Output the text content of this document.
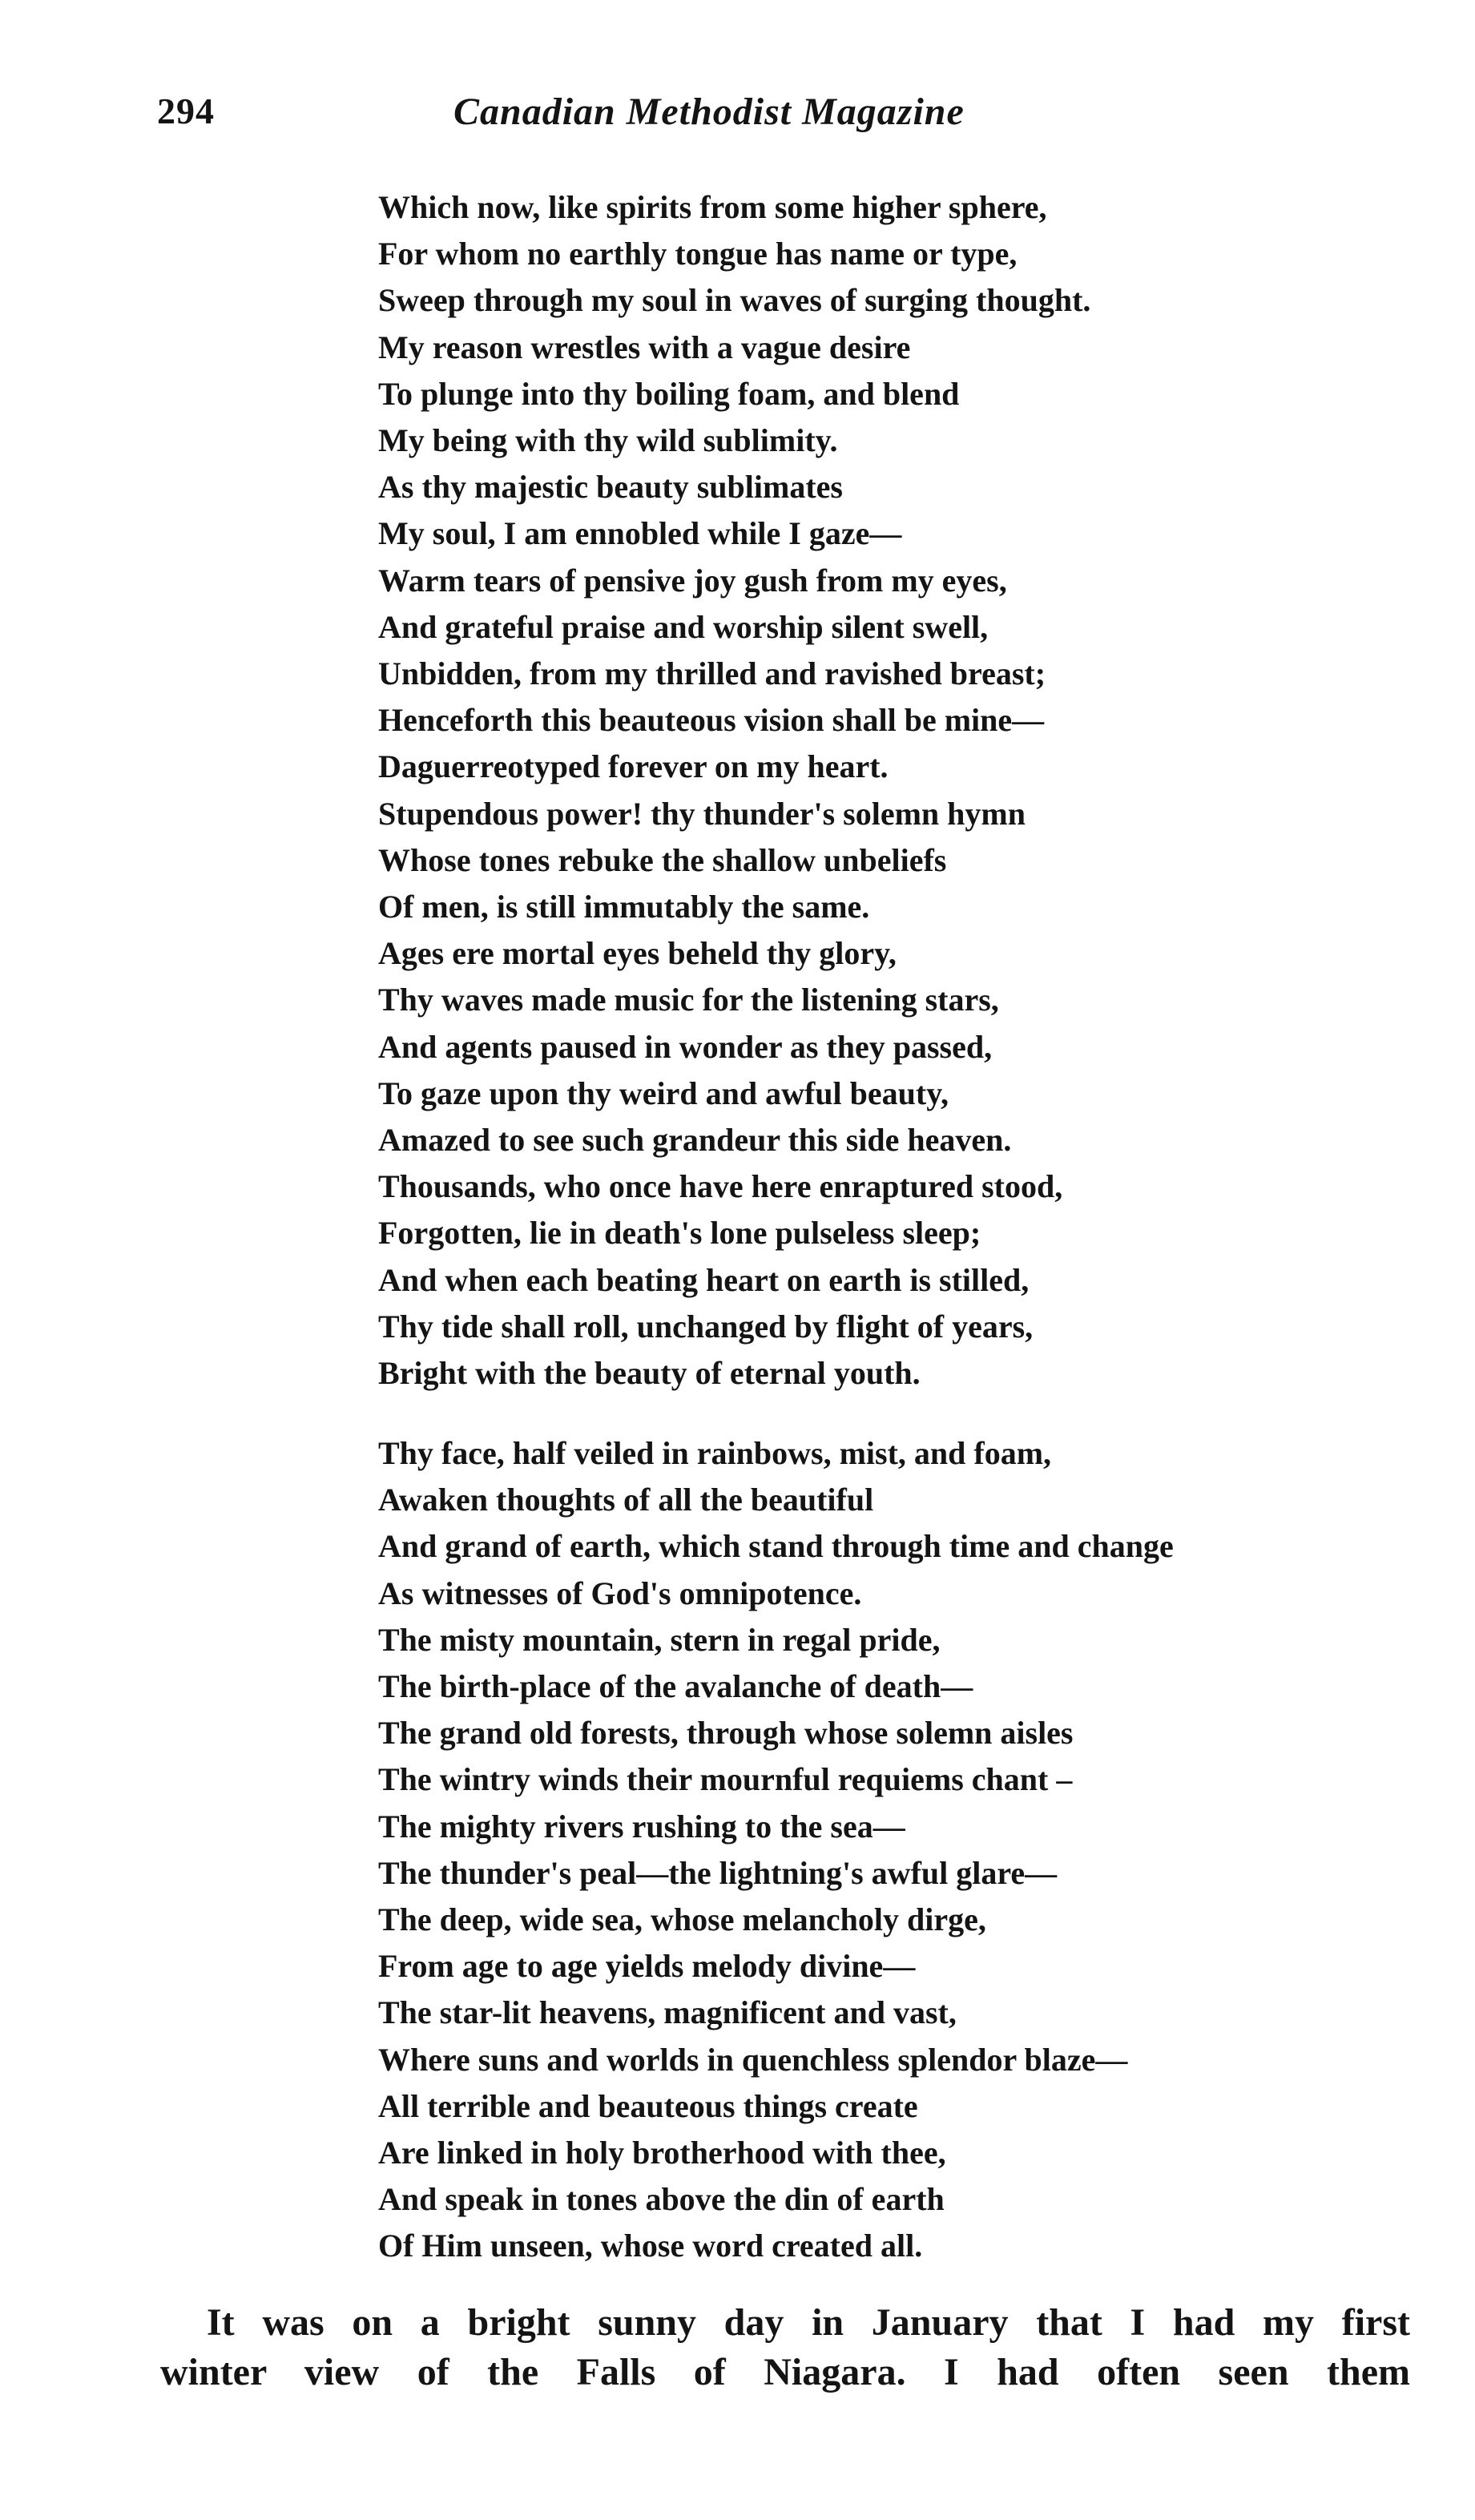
294	Canadian Methodist Magazine
Which now, like spirits from some higher sphere,
For whom no earthly tongue has name or type,
Sweep through my soul in waves of surging thought.
My reason wrestles with a vague desire
To plunge into thy boiling foam, and blend
My being with thy wild sublimity.
As thy majestic beauty sublimates
My soul, I am ennobled while I gaze—
Warm tears of pensive joy gush from my eyes,
And grateful praise and worship silent swell,
Unbidden, from my thrilled and ravished breast;
Henceforth this beauteous vision shall be mine—
Daguerreotyped forever on my heart.
Stupendous power! thy thunder's solemn hymn
Whose tones rebuke the shallow unbeliefs
Of men, is still immutably the same.
Ages ere mortal eyes beheld thy glory,
Thy waves made music for the listening stars,
And agents paused in wonder as they passed,
To gaze upon thy weird and awful beauty,
Amazed to see such grandeur this side heaven.
Thousands, who once have here enraptured stood,
Forgotten, lie in death's lone pulseless sleep;
And when each beating heart on earth is stilled,
Thy tide shall roll, unchanged by flight of years,
Bright with the beauty of eternal youth.
Thy face, half veiled in rainbows, mist, and foam,
Awaken thoughts of all the beautiful
And grand of earth, which stand through time and change
As witnesses of God's omnipotence.
The misty mountain, stern in regal pride,
The birth-place of the avalanche of death—
The grand old forests, through whose solemn aisles
The wintry winds their mournful requiems chant –
The mighty rivers rushing to the sea—
The thunder's peal—the lightning's awful glare—
The deep, wide sea, whose melancholy dirge,
From age to age yields melody divine—
The star-lit heavens, magnificent and vast,
Where suns and worlds in quenchless splendor blaze—
All terrible and beauteous things create
Are linked in holy brotherhood with thee,
And speak in tones above the din of earth
Of Him unseen, whose word created all.
It was on a bright sunny day in January that I had my first
winter view of the Falls of Niagara. I had often seen them
